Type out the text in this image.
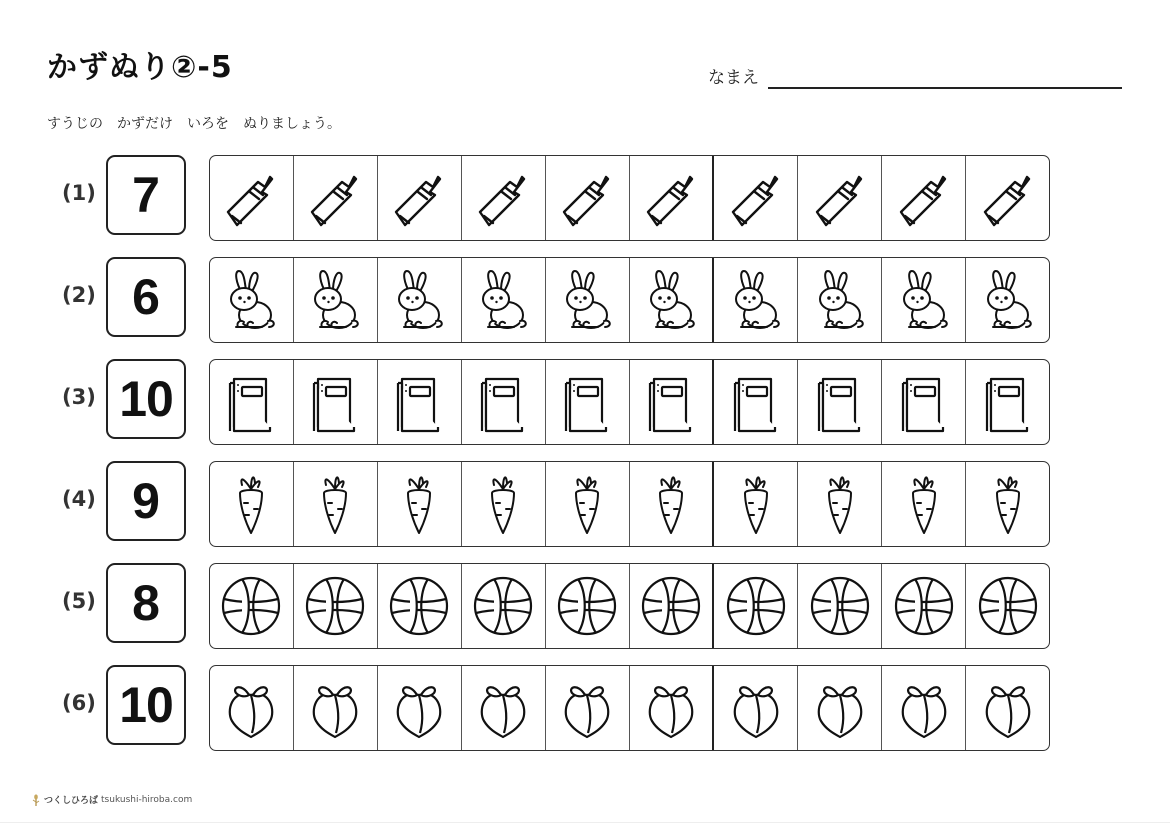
かずぬり②-5	なまえ
すうじの　かずだけ　いろを　ぬりましょう。
(1) 7
(2) 6
(3) 10
(4) 9
(5) 8
(6) 10
つくしひろば tsukushi-hiroba.com
